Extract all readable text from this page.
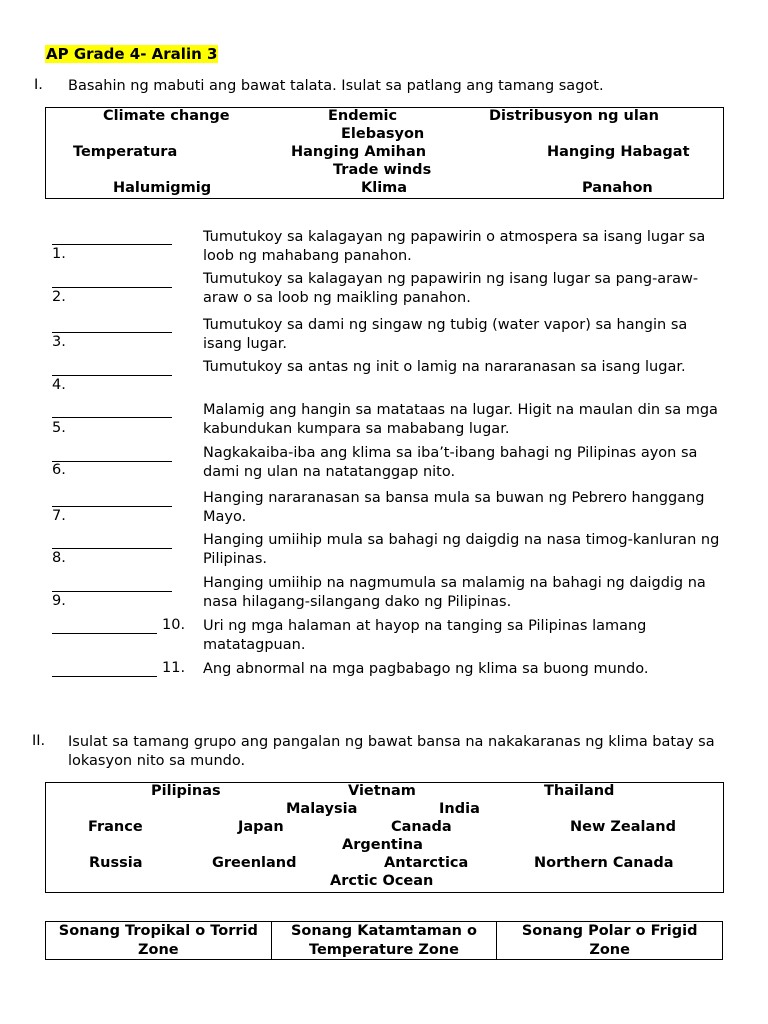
AP Grade 4- Aralin 3
I. Basahin ng mabuti ang bawat talata. Isulat sa patlang ang tamang sagot.
Climate change	Endemic	Distribusyon ng ulan
Elebasyon
Temperatura	Hanging Amihan	Hanging Habagat
Trade winds
Halumigmig	Klima	Panahon
1.
Tumutukoy sa kalagayan ng papawirin o atmospera sa isang lugar sa loob ng mahabang panahon.
2.
Tumutukoy sa kalagayan ng papawirin ng isang lugar sa pang-araw-araw o sa loob ng maikling panahon.
3.
Tumutukoy sa dami ng singaw ng tubig (water vapor) sa hangin sa isang lugar.
4.
Tumutukoy sa antas ng init o lamig na nararanasan sa isang lugar.
5.
Malamig ang hangin sa matataas na lugar. Higit na maulan din sa mga kabundukan kumpara sa mababang lugar.
6.
Nagkakaiba-iba ang klima sa iba’t-ibang bahagi ng Pilipinas ayon sa dami ng ulan na natatanggap nito.
7.
Hanging nararanasan sa bansa mula sa buwan ng Pebrero hanggang Mayo.
8.
Hanging umiihip mula sa bahagi ng daigdig na nasa timog-kanluran ng Pilipinas.
9.
Hanging umiihip na nagmumula sa malamig na bahagi ng daigdig na nasa hilagang-silangang dako ng Pilipinas.
10. Uri ng mga halaman at hayop na tanging sa Pilipinas lamang matatagpuan.
11. Ang abnormal na mga pagbabago ng klima sa buong mundo.
II. Isulat sa tamang grupo ang pangalan ng bawat bansa na nakakaranas ng klima batay sa lokasyon nito sa mundo.
Pilipinas	Vietnam	Thailand
Malaysia	India
France	Japan	Canada	New Zealand
Argentina
Russia	Greenland	Antarctica	Northern Canada
Arctic Ocean
Sonang Tropikal o Torrid Zone	Sonang Katamtaman o Temperature Zone	Sonang Polar o Frigid Zone
